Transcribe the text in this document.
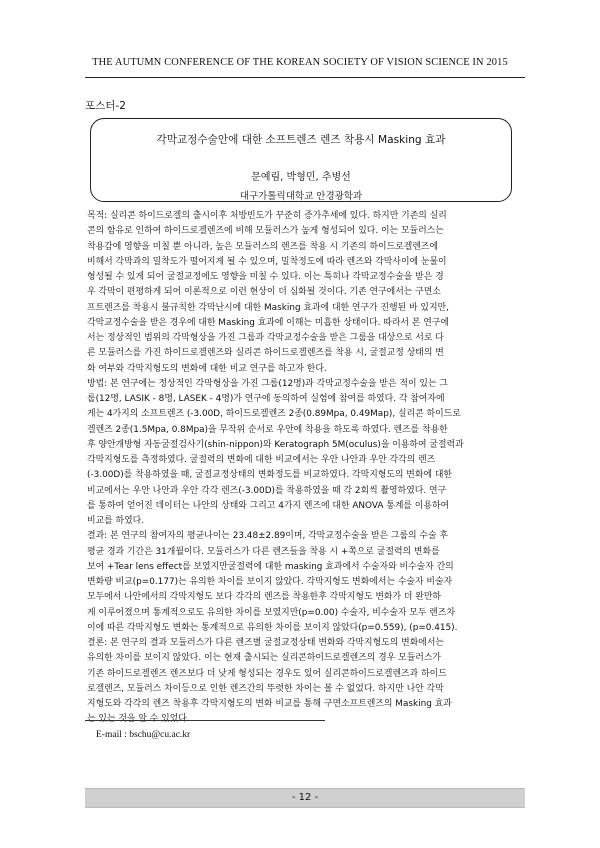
THE AUTUMN CONFERENCE OF THE KOREAN SOCIETY OF VISION SCIENCE IN 2015
포스터-2
각막교정수술안에 대한 소프트렌즈 렌즈 착용시 Masking 효과
문예림, 박형민, 추병선
대구가톨릭대학교 안경광학과
목적: 실리콘 하이드로겔의 출시이후 처방빈도가 꾸준히 증가추세에 있다. 하지만 기존의 실리
콘의 함유로 인하여 하이드로겔렌즈에 비해 모듈러스가 높게 형성되어 있다. 이는 모듈러스는
착용감에 영향을 미칠 뿐 아니라, 높은 모듈러스의 렌즈를 착용 시 기존의 하이드로겔렌즈에
비해서 각막과의 밀착도가 떨어지게 될 수 있으며, 밀착정도에 따라 렌즈와 각막사이에 눈물이
형성될 수 있게 되어 굴절교정에도 영향을 미칠 수 있다. 이는 특히나 각막교정수술을 받은 경
우 각막이 편평하게 되어 이론적으로 이런 현상이 더 심화될 것이다. 기존 연구에서는 구면소
프트렌즈를 착용시 불규칙한 각막난시에 대한 Masking 효과에 대한 연구가 진행된 바 있지만,
각막교정수술을 받은 경우에 대한 Masking 효과에 이해는 미흡한 상태이다. 따라서 본 연구에
서는 정상적인 범위의 각막형상을 가진 그룹과 각막교정수술을 받은 그룹을 대상으로 서로 다
른 모듈러스를 가진 하이드로겔렌즈와 실리콘 하이드로겔렌즈를 착용 시, 굴절교정 상태의 변
화 여부와 각막지형도의 변화에 대한 비교 연구를 하고자 한다.
방법: 본 연구에는 정상적인 각막형상을 가진 그룹(12명)과 각막교정수술을 받은 적이 있는 그
룹(12명, LASIK - 8명, LASEK - 4명)가 연구에 동의하여 실험에 참여를 하였다. 각 참여자에
게는 4가지의 소프트렌즈 (-3.00D, 하이드로겔렌즈 2종(0.89Mpa, 0.49Map), 실리콘 하이드로
겔렌즈 2종(1.5Mpa, 0.8Mpa)을 무작위 순서로 우안에 착용을 하도록 하였다. 렌즈를 착용한
후 양안개방형 자동굴절검사기(shin-nippon)와 Keratograph 5M(oculus)을 이용하여 굴절력과
각막지형도를 측정하였다. 굴절력의 변화에 대한 비교에서는 우안 나안과 우안 각각의 렌즈
(-3.00D)를 착용하였을 때, 굴절교정상태의 변화정도를 비교하였다. 각막지형도의 변화에 대한
비교에서는 우안 나안과 우안 각각 렌즈(-3.00D)를 착용하였을 때 각 2회씩 촬영하였다. 연구
를 통하여 얻어진 데이터는 나안의 상태와 그리고 4가지 렌즈에 대한 ANOVA 통계를 이용하여
비교를 하였다.
결과: 본 연구의 참여자의 평균나이는 23.48±2.89이며, 각막교정수술을 받은 그룹의 수술 후
평균 경과 기간은 31개월이다. 모듈러스가 다른 렌즈들을 착용 시 +쪽으로 굴절력의 변화를
보여 +Tear lens effect를 보였지만굴절력에 대한 masking 효과에서 수술자와 비수술자 간의
변화량 비교(p=0.177)는 유의한 차이를 보이지 않았다. 각막지형도 변화에서는 수술자 비술자
모두에서 나안에서의 각막지형도 보다 각각의 렌즈를 착용한후 각막지형도 변화가 더 완만하
게 이루어졌으며 통계적으로도 유의한 차이를 보였지만(p=0.00) 수술자, 비수술자 모두 렌즈차
이에 따른 각막지형도 변화는 통계적으로 유의한 차이를 보이지 않았다(p=0.559), (p=0.415).
결론: 본 연구의 결과 모듈러스가 다른 렌즈별 굴절교정상태 변화와 각막지형도의 변화에서는
유의한 차이를 보이지 않았다. 이는 현재 출시되는 실리콘하이드로겔렌즈의 경우 모듈러스가
기존 하이드로겔렌즈 렌즈보다 더 낮게 형성되는 경우도 있어 실리콘하이드로겔렌즈과 하이드
로겔렌즈, 모듈러스 차이등으로 인한 렌즈간의 뚜렷한 차이는 볼 수 없었다. 하지만 나안 각막
지형도와 각각의 렌즈 착용후 각막지형도의 변화 비교를 통해 구면소프트렌즈의 Masking 효과
E-mail : bschu@cu.ac.kr
- 12 -
